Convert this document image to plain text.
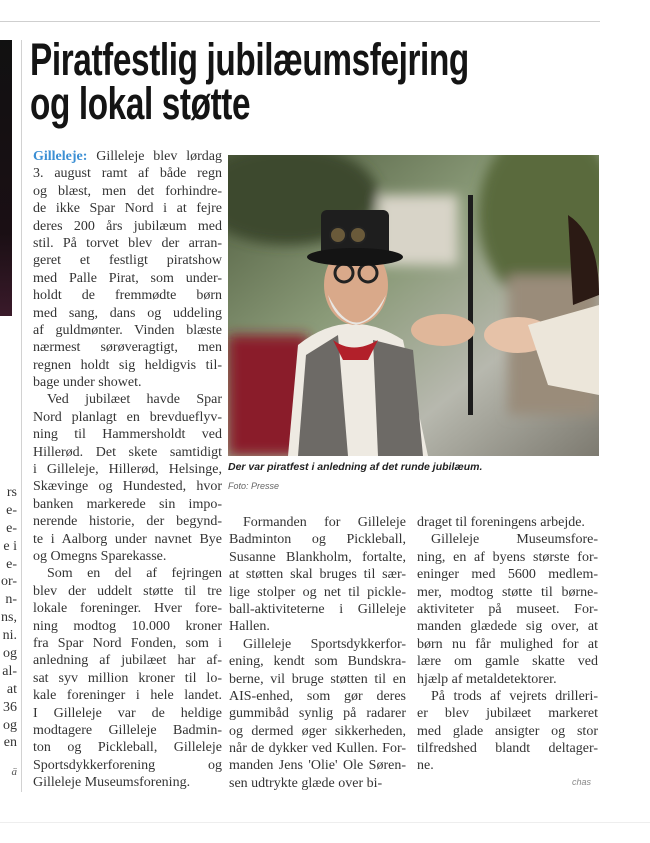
Piratfestlig jubilæumsfejring
og lokal støtte
rs
e-
e-
e i
e-
or-
n-
ns,
ni.
og
al-
at
36
og
en
ä
Gilleleje: Gilleleje blev lørdag
3. august ramt af både regn
og blæst, men det forhindre-
de ikke Spar Nord i at fejre
deres 200 års jubilæum med
stil. På torvet blev der arran-
geret et festligt piratshow
med Palle Pirat, som under-
holdt de fremmødte børn
med sang, dans og uddeling
af guldmønter. Vinden blæste
nærmest sørøveragtigt, men
regnen holdt sig heldigvis til-
bage under showet.
Ved jubilæet havde Spar
Nord planlagt en brevdueflyv-
ning til Hammersholdt ved
Hillerød. Det skete samtidigt
i Gilleleje, Hillerød, Helsinge,
Skævinge og Hundested, hvor
banken markerede sin impo-
nerende historie, der begynd-
te i Aalborg under navnet Bye
og Omegns Sparekasse.
Som en del af fejringen
blev der uddelt støtte til tre
lokale foreninger. Hver fore-
ning modtog 10.000 kroner
fra Spar Nord Fonden, som i
anledning af jubilæet har af-
sat syv million kroner til lo-
kale foreninger i hele landet.
I Gilleleje var de heldige
modtagere Gilleleje Badmin-
ton og Pickleball, Gilleleje
Sportsdykkerforening og
Gilleleje Museumsforening.
Der var piratfest i anledning af det runde jubilæum.
Foto: Presse
Formanden for Gilleleje
Badminton og Pickleball,
Susanne Blankholm, fortalte,
at støtten skal bruges til sær-
lige stolper og net til pickle-
ball-aktiviteterne i Gilleleje
Hallen.
Gilleleje Sportsdykkerfor-
ening, kendt som Bundskra-
berne, vil bruge støtten til en
AIS-enhed, som gør deres
gummibåd synlig på radarer
og dermed øger sikkerheden,
når de dykker ved Kullen. For-
manden Jens 'Olie' Ole Søren-
sen udtrykte glæde over bi-
draget til foreningens arbejde.
Gilleleje Museumsfore-
ning, en af byens største for-
eninger med 5600 medlem-
mer, modtog støtte til børne-
aktiviteter på museet. For-
manden glædede sig over, at
børn nu får mulighed for at
lære om gamle skatte ved
hjælp af metaldetektorer.
På trods af vejrets drilleri-
er blev jubilæet markeret
med glade ansigter og stor
tilfredshed blandt deltager-
ne.
chas
